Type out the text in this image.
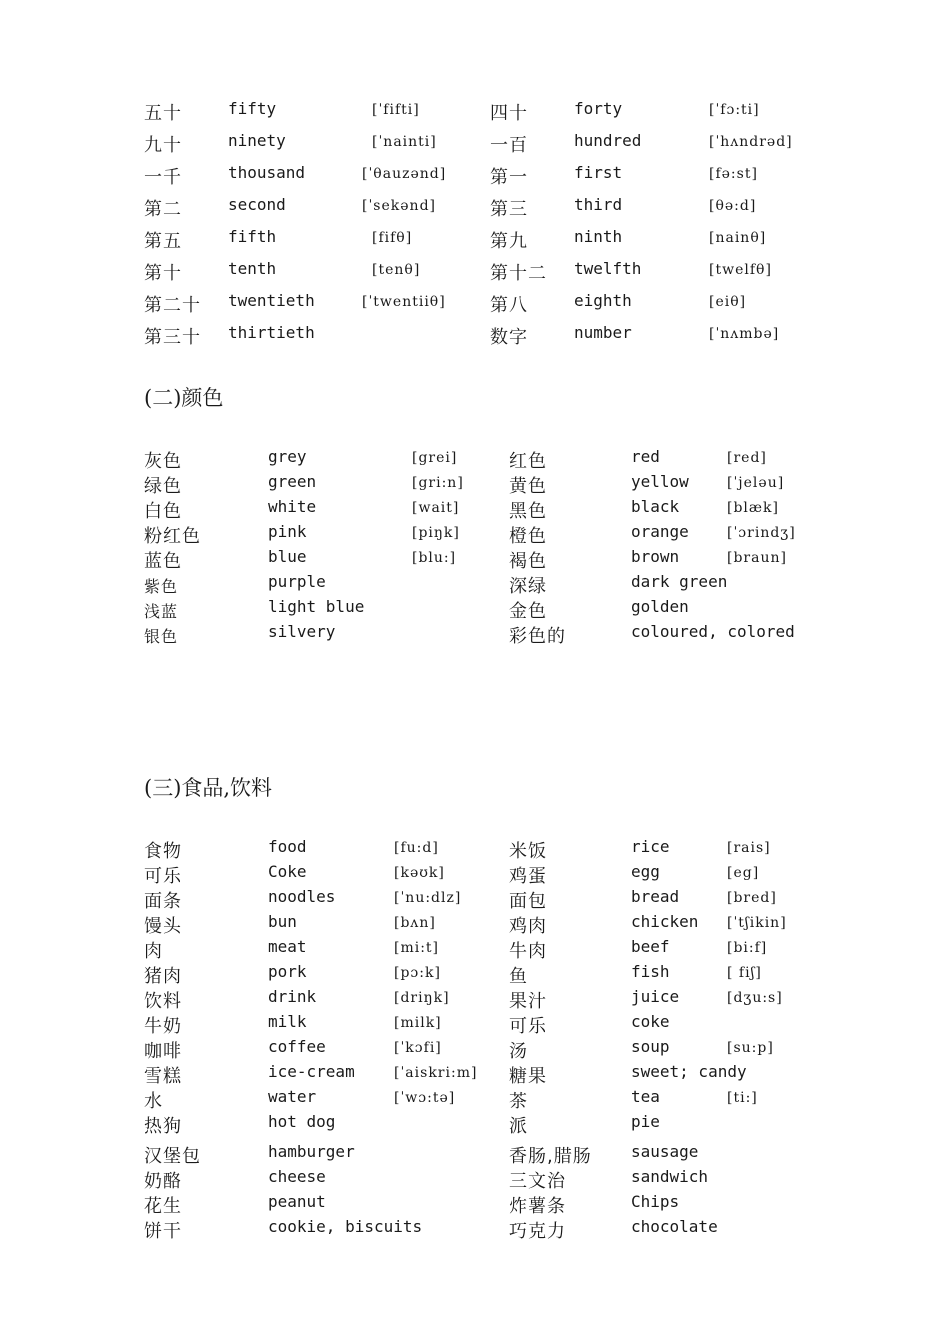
五十	fifty	[ˈfifti]	四十	forty	[ˈfɔ:ti]
九十	ninety	[ˈnainti]	一百	hundred	[ˈhʌndrəd]
一千	thousand	[ˈθauzənd] 第一	first	[fə:st]
第二	second	[ˈsekənd]	第三	third	[θə:d]
第五	fifth	[fifθ]	第九	ninth	[nainθ]
第十	tenth	[tenθ]	第十二 twelfth	[twelfθ]
第二十 twentieth	[ˈtwentiiθ] 第八	eighth	[eiθ]
第三十 thirtieth	数字	number	[ˈnʌmbə]
(二)颜色
灰色	grey	[grei]	红色	red	[red]
绿色	green	[gri:n]	黄色	yellow	[ˈjeləu]
白色	white	[wait]	黑色	black	[blæk]
粉红色	pink	[piŋk]	橙色	orange	[ˈɔrindʒ]
蓝色	blue	[blu:]	褐色	brown	[braun]
紫色	purple	深绿	dark green
浅蓝	light blue	金色	golden
银色	silvery	彩色的	coloured, colored
(三)食品,饮料
食物	food	[fu:d]	米饭	rice	[rais]
可乐	Coke	[kəʊk]	鸡蛋	egg	[eg]
面条	noodles	[ˈnu:dlz]	面包	bread	[bred]
馒头	bun	[bʌn]	鸡肉	chicken [ˈtʃikin]
肉	meat	[mi:t]	牛肉	beef	[bi:f]
猪肉	pork	[pɔ:k]	鱼	fish	[ fiʃ]
饮料	drink	[driŋk]	果汁	juice	[dʒu:s]
牛奶	milk	[milk]	可乐	coke
咖啡	coffee	[ˈkɔfi]	汤	soup	[su:p]
雪糕	ice-cream	[ˈaiskri:m] 糖果	sweet; candy
水	water	[ˈwɔ:tə]	茶	tea	[ti:]
热狗	hot dog	派	pie
汉堡包	hamburger	香肠,腊肠 sausage
奶酪	cheese	三文治	sandwich
花生	peanut	炸薯条	Chips
饼干	cookie, biscuits	巧克力	chocolate
